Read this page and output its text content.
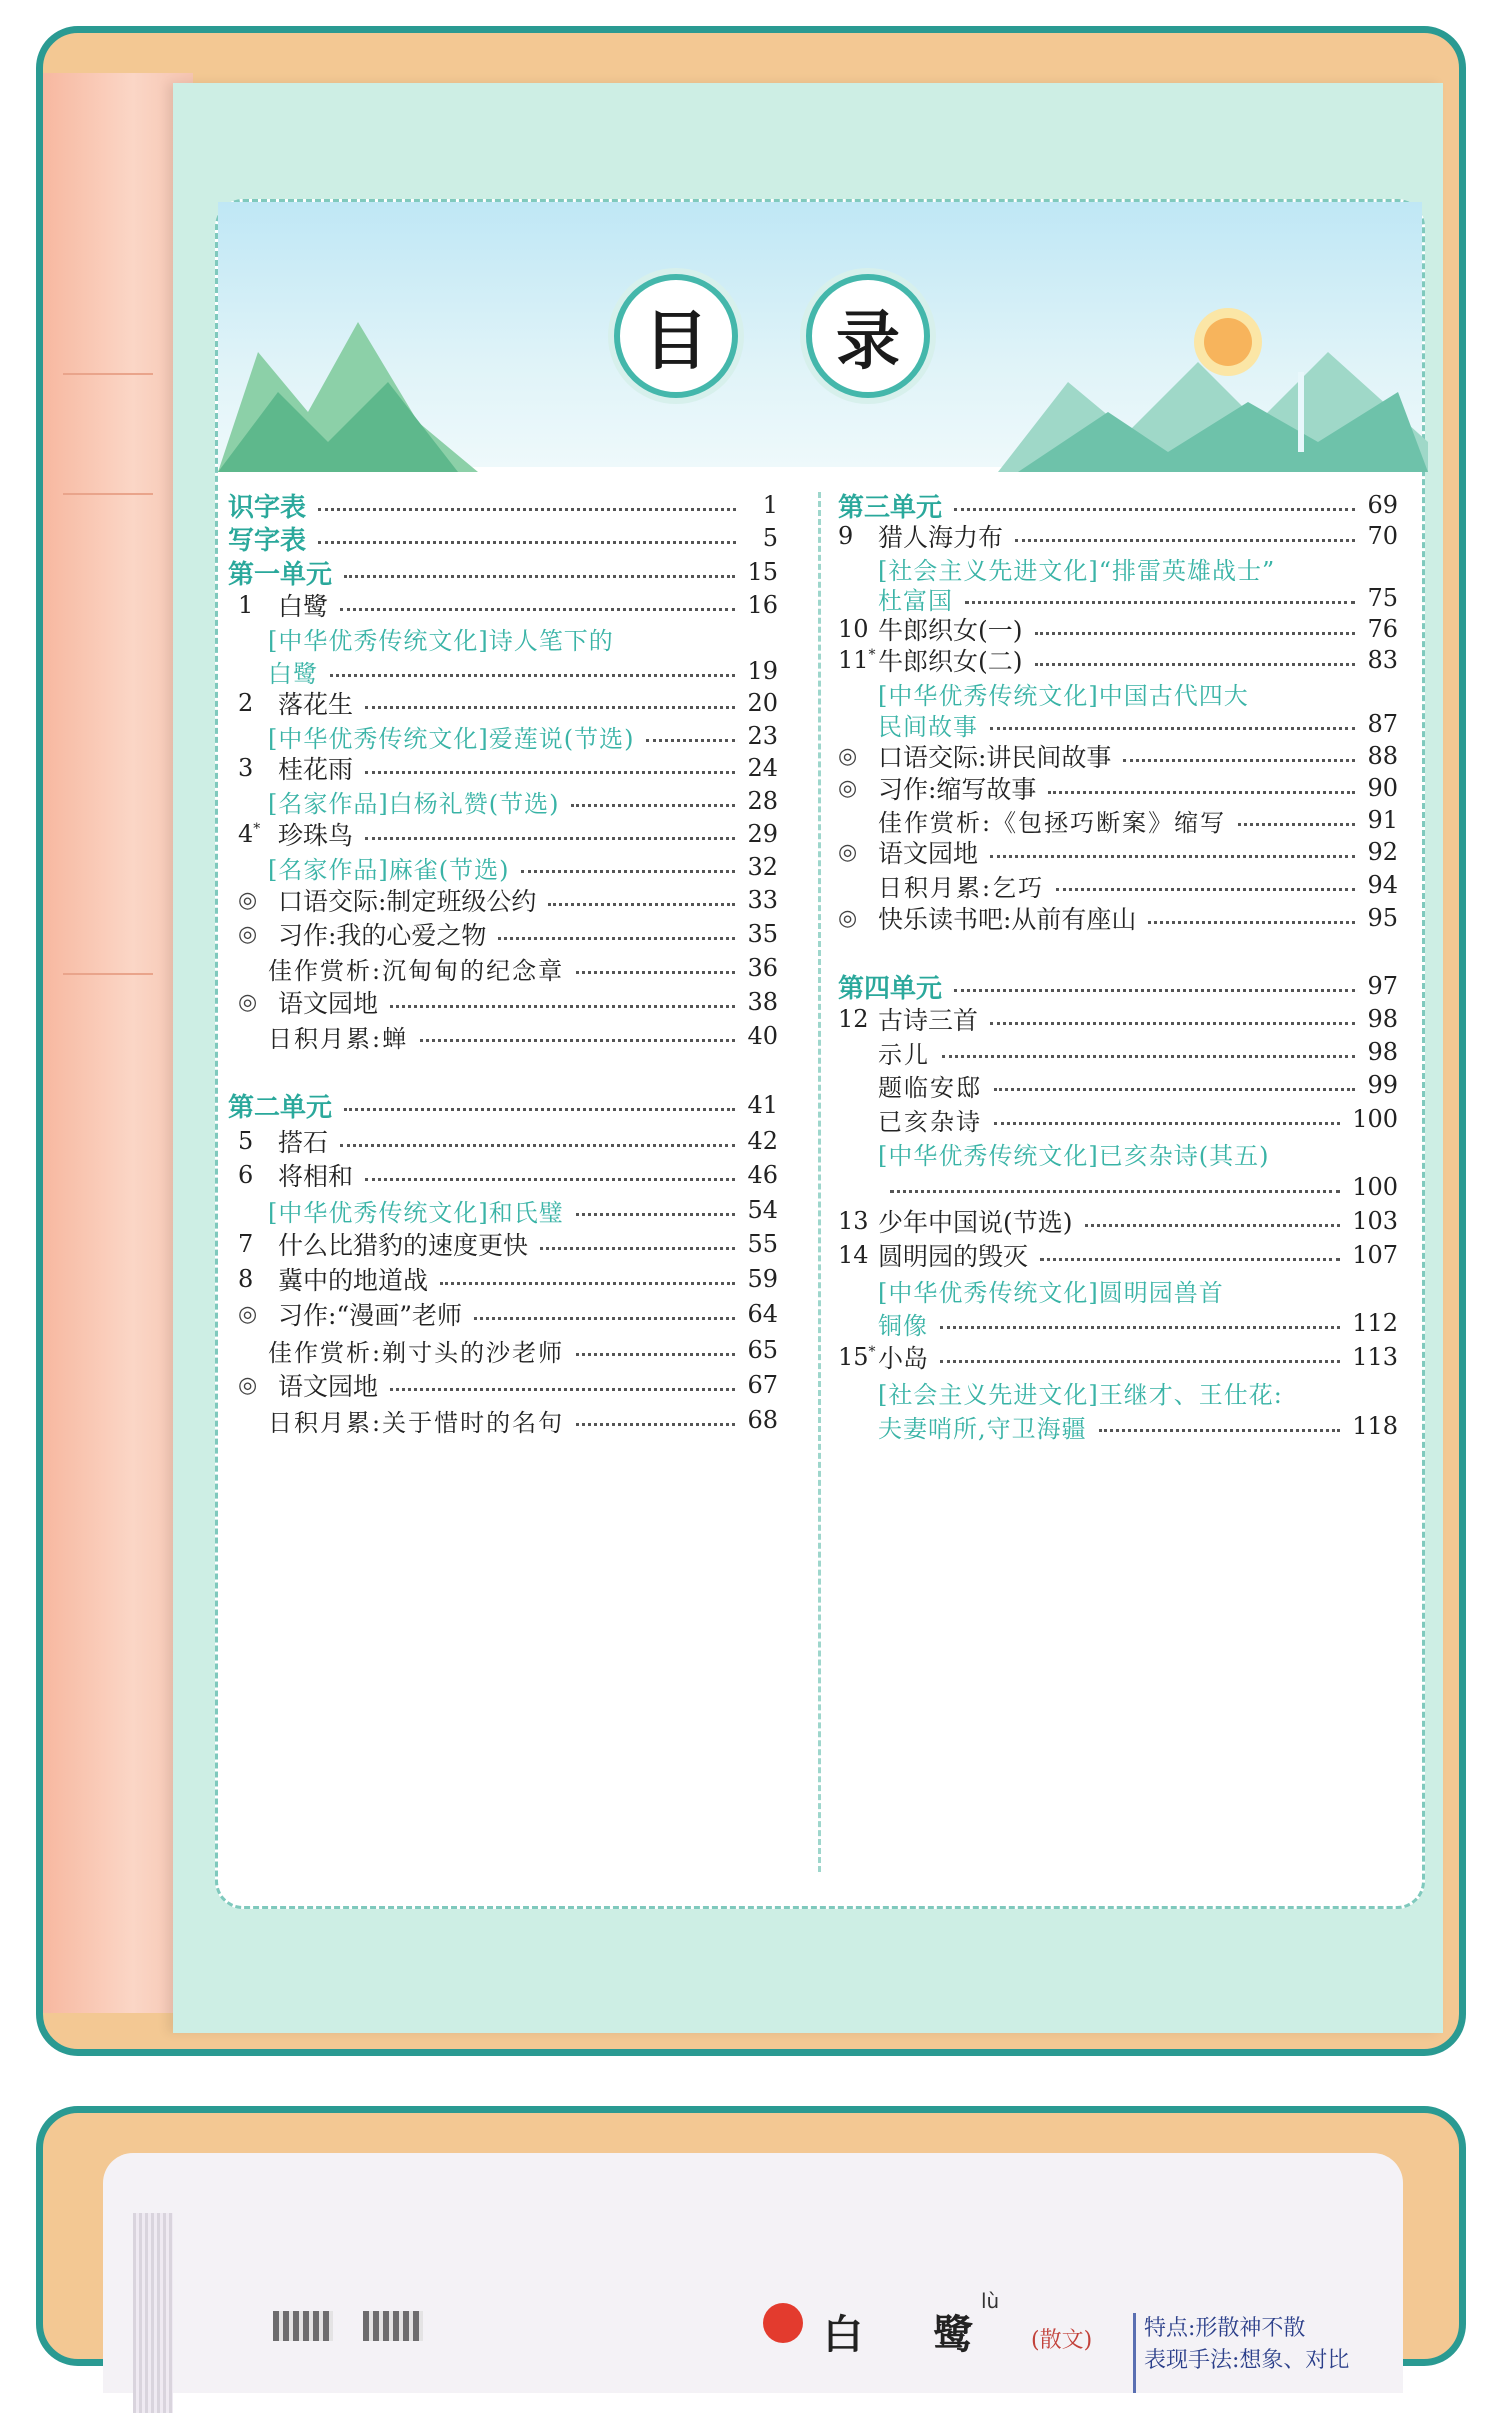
目	录
识字表	1
写字表	5
第一单元	15
1 白鹭	16
[中华优秀传统文化]诗人笔下的
白鹭	19
2 落花生	20
[中华优秀传统文化]爱莲说(节选)	23
3 桂花雨	24
[名家作品]白杨礼赞(节选)	28
4* 珍珠鸟	29
[名家作品]麻雀(节选)	32
◎ 口语交际:制定班级公约	33
◎ 习作:我的心爱之物	35
佳作赏析:沉甸甸的纪念章	36
◎ 语文园地	38
日积月累:蝉	40
第二单元	41
5 搭石	42
6 将相和	46
[中华优秀传统文化]和氏璧	54
7 什么比猎豹的速度更快	55
8 冀中的地道战	59
◎ 习作:“漫画”老师	64
佳作赏析:剃寸头的沙老师	65
◎ 语文园地	67
日积月累:关于惜时的名句	68
第三单元	69
9 猎人海力布	70
[社会主义先进文化]“排雷英雄战士”
杜富国	75
10 牛郎织女(一)	76
11* 牛郎织女(二)	83
[中华优秀传统文化]中国古代四大
民间故事	87
◎ 口语交际:讲民间故事	88
◎ 习作:缩写故事	90
佳作赏析:《包拯巧断案》缩写	91
◎ 语文园地	92
日积月累:乞巧	94
◎ 快乐读书吧:从前有座山	95
第四单元	97
12 古诗三首	98
示儿	98
题临安邸	99
已亥杂诗	100
[中华优秀传统文化]已亥杂诗(其五)
100
13 少年中国说(节选)	103
14 圆明园的毁灭	107
[中华优秀传统文化]圆明园兽首
铜像	112
15* 小岛	113
[社会主义先进文化]王继才、王仕花:
夫妻哨所,守卫海疆	118
白 鹭
lù
(散文) 特点:形散神不散
表现手法:想象、对比
